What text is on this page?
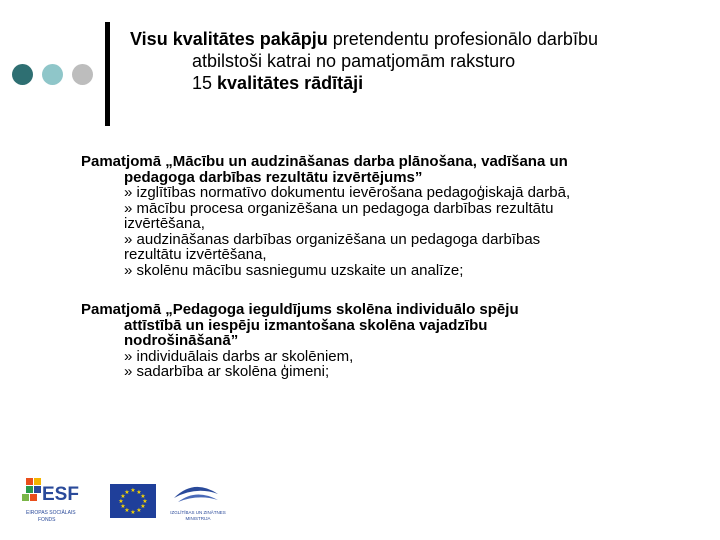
Visu kvalitātes pakāpju pretendentu profesionālo darbību
atbilstoši katrai no pamatjomām raksturo
15 kvalitātes rādītāji
Pamatjomā „Mācību un audzināšanas darba plānošana, vadīšana un
pedagoga darbības rezultātu izvērtējums”
» izglītības normatīvo dokumentu ievērošana pedagoģiskajā darbā,
» mācību procesa organizēšana un pedagoga darbības rezultātu
izvērtēšana,
» audzināšanas darbības organizēšana un pedagoga darbības
rezultātu izvērtēšana,
» skolēnu mācību sasniegumu uzskaite un analīze;
Pamatjomā „Pedagoga ieguldījums skolēna individuālo spēju
attīstībā un iespēju izmantošana skolēna vajadzību
nodrošināšanā”
» individuālais darbs ar skolēniem,
» sadarbība ar skolēna ģimeni;
ESF
EIROPAS SOCIĀLAIS
FONDS
★ ★
★
★
★
★
★
★
★
★
★
★
IZGLĪTĪBAS UN ZINĀTNES
MINISTRIJA
